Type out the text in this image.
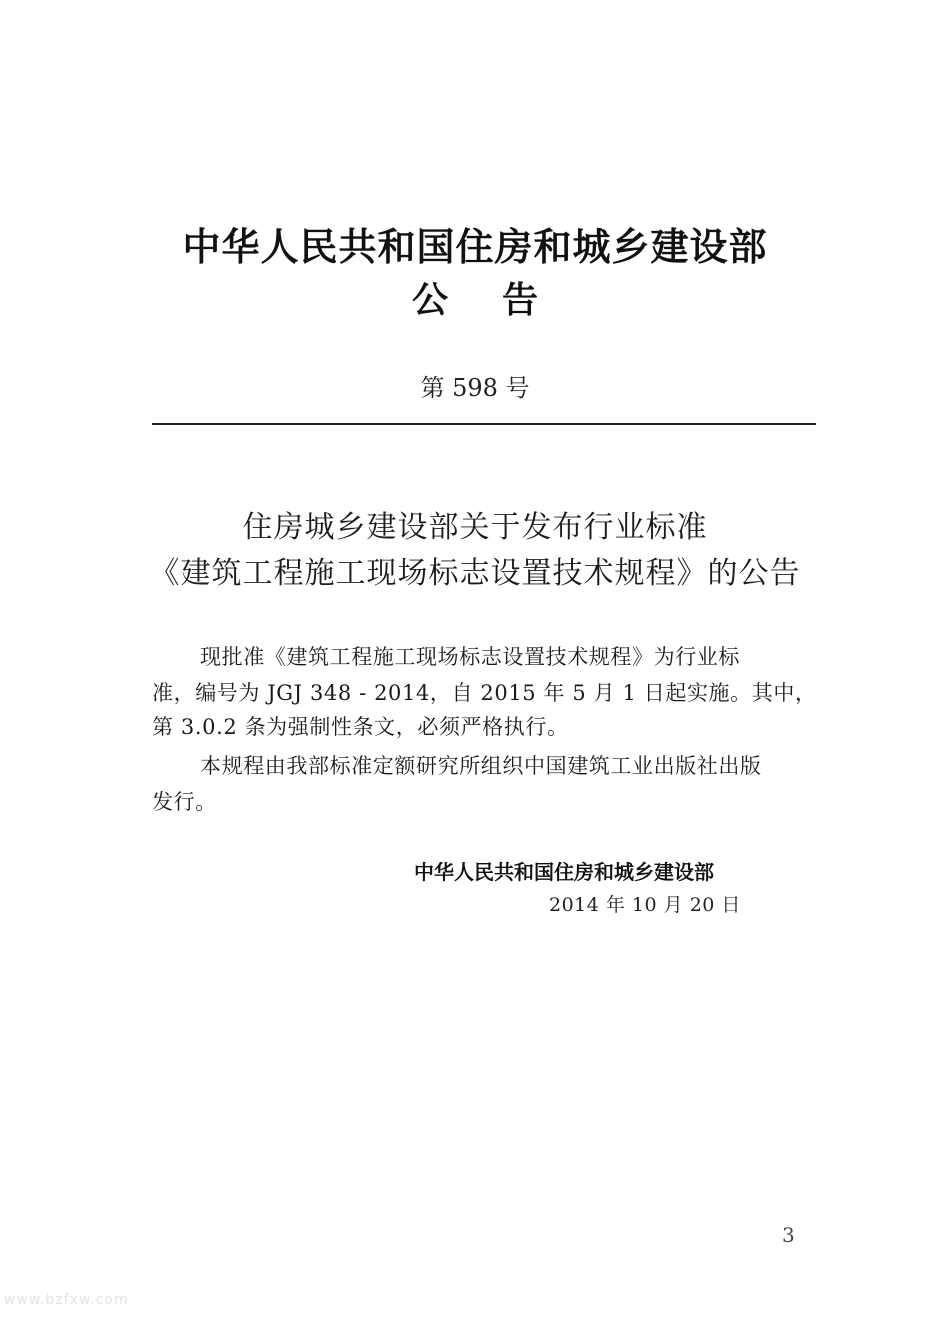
中华人民共和国住房和城乡建设部
公告
第 598 号
住房城乡建设部关于发布行业标准
《建筑工程施工现场标志设置技术规程》的公告
现批准《建筑工程施工现场标志设置技术规程》为行业标
准，编号为 JGJ 348 - 2014，自 2015 年 5 月 1 日起实施。其中，
第 3.0.2 条为强制性条文，必须严格执行。
本规程由我部标准定额研究所组织中国建筑工业出版社出版
发行。
中华人民共和国住房和城乡建设部
2014 年 10 月 20 日
3
www.bzfxw.com
